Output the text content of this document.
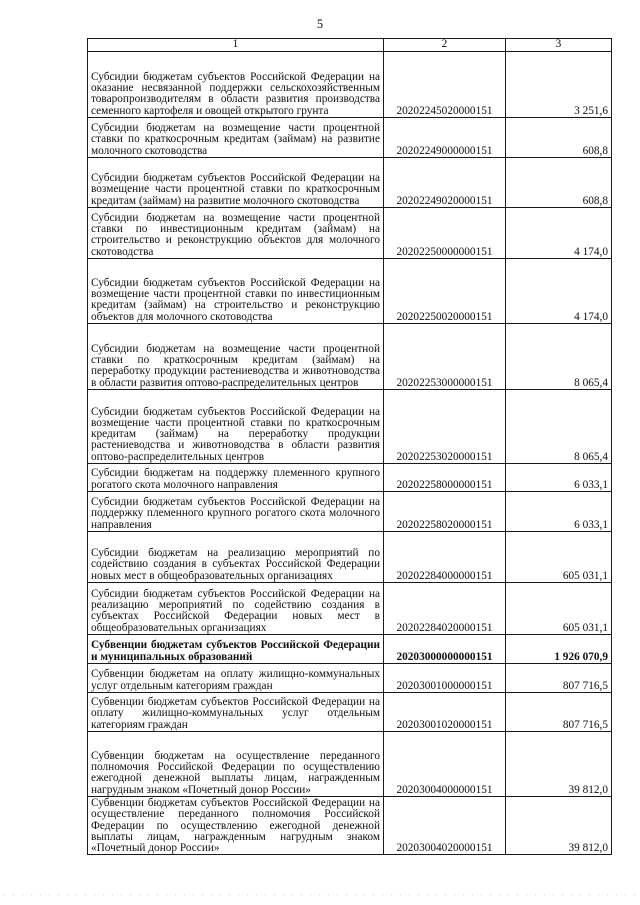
5
1	2	3
Субсидии бюджетам субъектов Российской Федерации на оказание несвязанной поддержки сельскохозяйственным товаропроизводителям в области развития производства семенного картофеля и овощей открытого грунта	20202245020000151	3 251,6
Субсидии бюджетам на возмещение части процентной ставки по краткосрочным кредитам (займам) на развитие молочного скотоводства	20202249000000151	608,8
Субсидии бюджетам субъектов Российской Федерации на возмещение части процентной ставки по краткосрочным кредитам (займам) на развитие молочного скотоводства	20202249020000151	608,8
Субсидии бюджетам на возмещение части процентной ставки по инвестиционным кредитам (займам) на строительство и реконструкцию объектов для молочного скотоводства	20202250000000151	4 174,0
Субсидии бюджетам субъектов Российской Федерации на возмещение части процентной ставки по инвестиционным кредитам (займам) на строительство и реконструкцию объектов для молочного скотоводства	20202250020000151	4 174,0
Субсидии бюджетам на возмещение части процентной ставки по краткосрочным кредитам (займам) на переработку продукции растениеводства и животноводства в области развития оптово-распределительных центров	20202253000000151	8 065,4
Субсидии бюджетам субъектов Российской Федерации на возмещение части процентной ставки по краткосрочным кредитам (займам) на переработку продукции растениеводства и животноводства в области развития оптово-распределительных центров	20202253020000151	8 065,4
Субсидии бюджетам на поддержку племенного крупного рогатого скота молочного направления	20202258000000151	6 033,1
Субсидии бюджетам субъектов Российской Федерации на поддержку племенного крупного рогатого скота молочного направления	20202258020000151	6 033,1
Субсидии бюджетам на реализацию мероприятий по содействию создания в субъектах Российской Федерации новых мест в общеобразовательных организациях	20202284000000151	605 031,1
Субсидии бюджетам субъектов Российской Федерации на реализацию мероприятий по содействию создания в субъектах Российской Федерации новых мест в общеобразовательных организациях	20202284020000151	605 031,1
Субвенции бюджетам субъектов Российской Федерации и муниципальных образований	20203000000000151	1 926 070,9
Субвенции бюджетам на оплату жилищно-коммунальных услуг отдельным категориям граждан	20203001000000151	807 716,5
Субвенции бюджетам субъектов Российской Федерации на оплату жилищно-коммунальных услуг отдельным категориям граждан	20203001020000151	807 716,5
Субвенции бюджетам на осуществление переданного полномочия Российской Федерации по осуществлению ежегодной денежной выплаты лицам, награжденным нагрудным знаком «Почетный донор России»	20203004000000151	39 812,0
Субвенции бюджетам субъектов Российской Федерации на осуществление переданного полномочия Российской Федерации по осуществлению ежегодной денежной выплаты лицам, награжденным нагрудным знаком «Почетный донор России»	20203004020000151	39 812,0
